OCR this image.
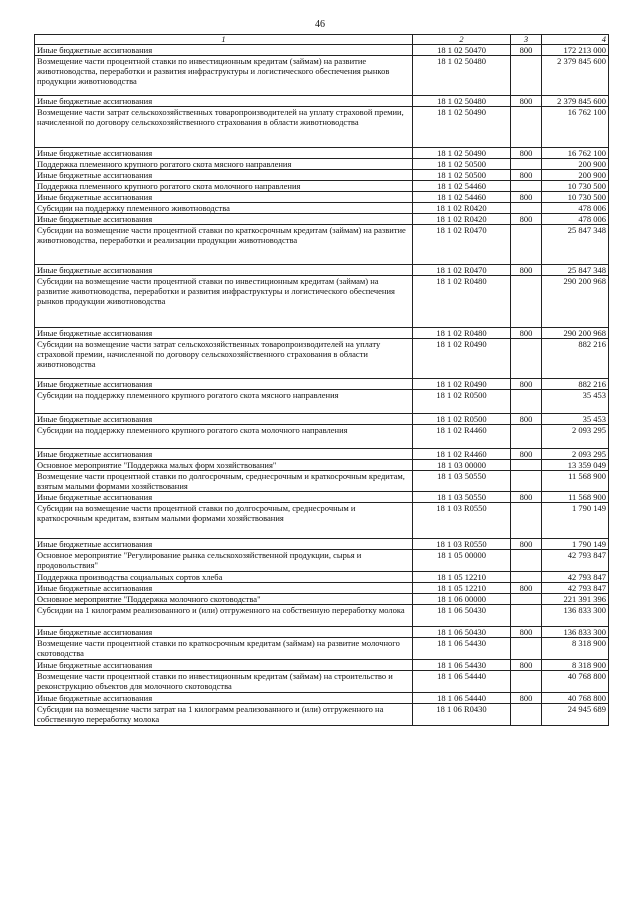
46
1	2	3	4
Иные бюджетные ассигнования	18 1 02 50470	800	172 213 000
Возмещение части процентной ставки по инвестиционным кредитам (займам) на развитие животноводства, переработки и развития инфраструктуры и логистического обеспечения рынков продукции животноводства	18 1 02 50480		2 379 845 600
Иные бюджетные ассигнования	18 1 02 50480	800	2 379 845 600
Возмещение части затрат сельскохозяйственных товаропроизводителей на уплату страховой премии, начисленной по договору сельскохозяйственного страхования в области животноводства	18 1 02 50490		16 762 100
Иные бюджетные ассигнования	18 1 02 50490	800	16 762 100
Поддержка племенного крупного рогатого скота мясного направления	18 1 02 50500		200 900
Иные бюджетные ассигнования	18 1 02 50500	800	200 900
Поддержка племенного крупного рогатого скота молочного направления	18 1 02 54460		10 730 500
Иные бюджетные ассигнования	18 1 02 54460	800	10 730 500
Субсидии на поддержку племенного животноводства	18 1 02 R0420		478 006
Иные бюджетные ассигнования	18 1 02 R0420	800	478 006
Субсидии на возмещение части процентной ставки по краткосрочным кредитам (займам) на развитие животноводства, переработки и реализации продукции животноводства	18 1 02 R0470		25 847 348
Иные бюджетные ассигнования	18 1 02 R0470	800	25 847 348
Субсидии на возмещение части процентной ставки по инвестиционным кредитам (займам) на развитие животноводства, переработки и развития инфраструктуры и логистического обеспечения рынков продукции животноводства	18 1 02 R0480		290 200 968
Иные бюджетные ассигнования	18 1 02 R0480	800	290 200 968
Субсидии на возмещение части затрат сельскохозяйственных товаропроизводителей на уплату страховой премии, начисленной по договору сельскохозяйственного страхования в области животноводства	18 1 02 R0490		882 216
Иные бюджетные ассигнования	18 1 02 R0490	800	882 216
Субсидии на поддержку племенного крупного рогатого скота мясного направления	18 1 02 R0500		35 453
Иные бюджетные ассигнования	18 1 02 R0500	800	35 453
Субсидии на поддержку племенного крупного рогатого скота молочного направления	18 1 02 R4460		2 093 295
Иные бюджетные ассигнования	18 1 02 R4460	800	2 093 295
Основное мероприятие "Поддержка малых форм хозяйствования"	18 1 03 00000		13 359 049
Возмещение части процентной ставки по долгосрочным, среднесрочным и краткосрочным кредитам, взятым малыми формами хозяйствования	18 1 03 50550		11 568 900
Иные бюджетные ассигнования	18 1 03 50550	800	11 568 900
Субсидии на возмещение части процентной ставки по долгосрочным, среднесрочным и краткосрочным кредитам, взятым малыми формами хозяйствования	18 1 03 R0550		1 790 149
Иные бюджетные ассигнования	18 1 03 R0550	800	1 790 149
Основное мероприятие "Регулирование рынка сельскохозяйственной продукции, сырья и продовольствия"	18 1 05 00000		42 793 847
Поддержка производства социальных сортов хлеба	18 1 05 12210		42 793 847
Иные бюджетные ассигнования	18 1 05 12210	800	42 793 847
Основное мероприятие "Поддержка молочного скотоводства"	18 1 06 00000		221 391 396
Субсидии на 1 килограмм реализованного и (или) отгруженного на собственную переработку молока	18 1 06 50430		136 833 300
Иные бюджетные ассигнования	18 1 06 50430	800	136 833 300
Возмещение части процентной ставки по краткосрочным кредитам (займам) на развитие молочного скотоводства	18 1 06 54430		8 318 900
Иные бюджетные ассигнования	18 1 06 54430	800	8 318 900
Возмещение части процентной ставки по инвестиционным кредитам (займам) на строительство и реконструкцию объектов для молочного скотоводства	18 1 06 54440		40 768 800
Иные бюджетные ассигнования	18 1 06 54440	800	40 768 800
Субсидии на возмещение части затрат на 1 килограмм реализованного и (или) отгруженного на собственную переработку молока	18 1 06 R0430		24 945 689
